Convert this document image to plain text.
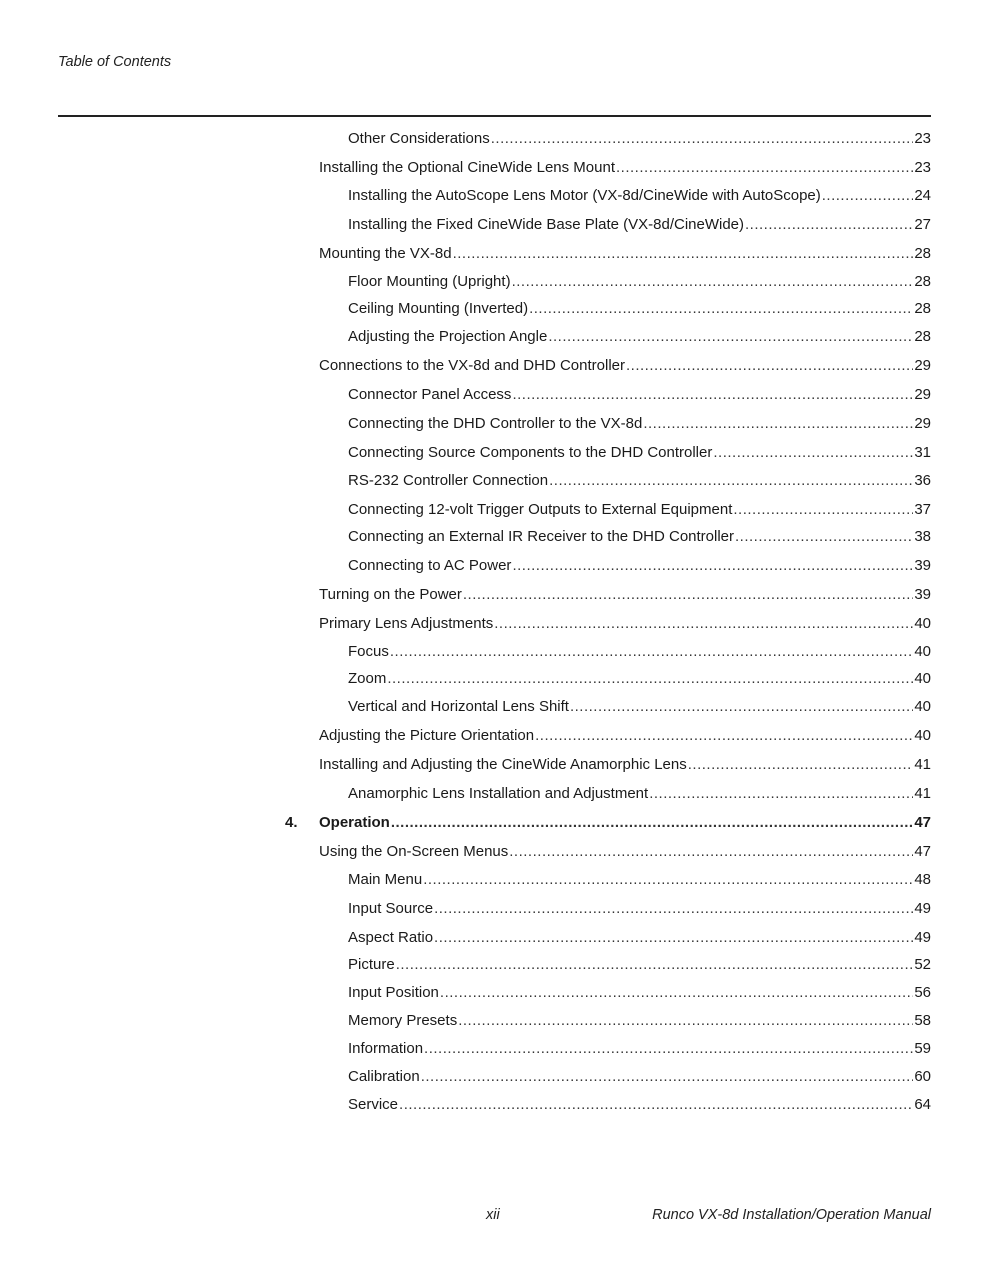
Table of Contents
Other Considerations .....	23
Installing the Optional CineWide Lens Mount .....	23
Installing the AutoScope Lens Motor (VX-8d/CineWide with AutoScope) .....	24
Installing the Fixed CineWide Base Plate (VX-8d/CineWide) .....	27
Mounting the VX-8d .....	28
Floor Mounting (Upright) .....	28
Ceiling Mounting (Inverted) .....	28
Adjusting the Projection Angle .....	28
Connections to the VX-8d and DHD Controller .....	29
Connector Panel Access .....	29
Connecting the DHD Controller to the VX-8d .....	29
Connecting Source Components to the DHD Controller .....	31
RS-232 Controller Connection .....	36
Connecting 12-volt Trigger Outputs to External Equipment .....	37
Connecting an External IR Receiver to the DHD Controller .....	38
Connecting to AC Power .....	39
Turning on the Power .....	39
Primary Lens Adjustments .....	40
Focus .....	40
Zoom .....	40
Vertical and Horizontal Lens Shift .....	40
Adjusting the Picture Orientation .....	40
Installing and Adjusting the CineWide Anamorphic Lens .....	41
Anamorphic Lens Installation and Adjustment .....	41
4.	Operation .....	47
Using the On-Screen Menus .....	47
Main Menu .....	48
Input Source .....	49
Aspect Ratio .....	49
Picture .....	52
Input Position .....	56
Memory Presets .....	58
Information .....	59
Calibration .....	60
Service .....	64
xii	Runco VX-8d Installation/Operation Manual
